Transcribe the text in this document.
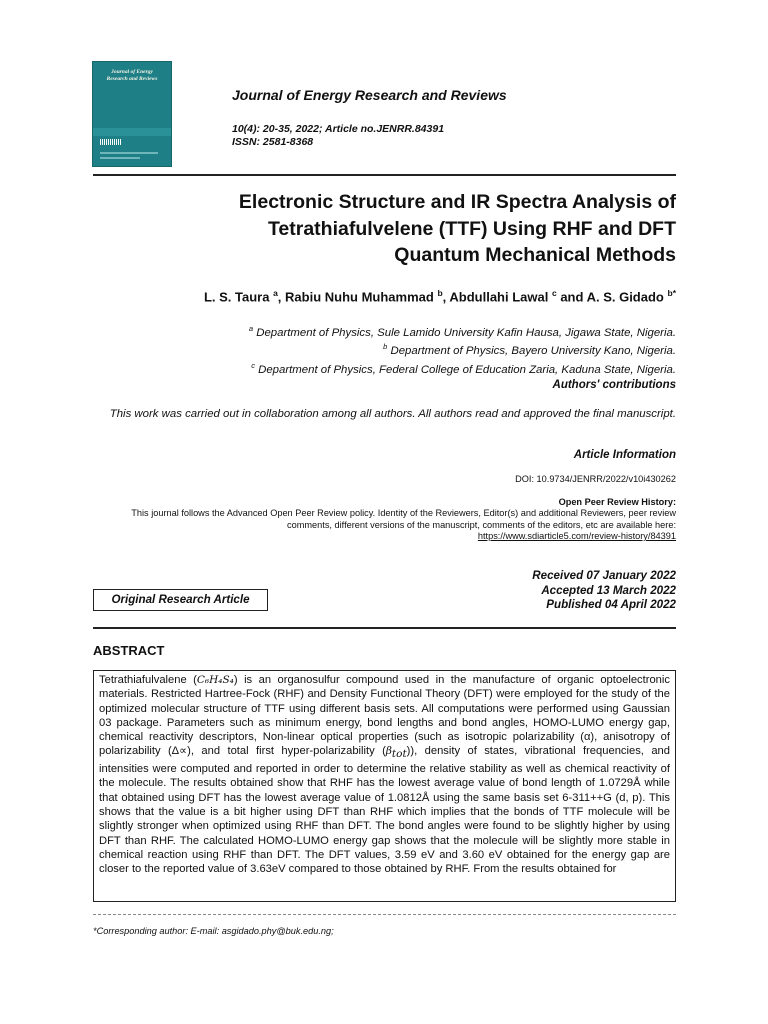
Journal of Energy
Research and Reviews
Journal of Energy Research and Reviews
10(4): 20-35, 2022; Article no.JENRR.84391
ISSN: 2581-8368
Electronic Structure and IR Spectra Analysis of
Tetrathiafulvelene (TTF) Using RHF and DFT
Quantum Mechanical Methods
L. S. Taura $^a$, Rabiu Nuhu Muhammad $^b$, Abdullahi Lawal $^c$ and A. S. Gidado $^{b*}$
$^a$ Department of Physics, Sule Lamido University Kafin Hausa, Jigawa State, Nigeria.
$^b$ Department of Physics, Bayero University Kano, Nigeria.
$^c$ Department of Physics, Federal College of Education Zaria, Kaduna State, Nigeria.
Authors' contributions
This work was carried out in collaboration among all authors. All authors read and approved the final manuscript.
Article Information
DOI: 10.9734/JENRR/2022/v10i430262
Open Peer Review History:
This journal follows the Advanced Open Peer Review policy. Identity of the Reviewers, Editor(s) and additional Reviewers, peer review comments, different versions of the manuscript, comments of the editors, etc are available here:
https://www.sdiarticle5.com/review-history/84391
Received 07 January 2022
Accepted 13 March 2022
Published 04 April 2022
Original Research Article
ABSTRACT

Tetrathiafulvalene (C₆H₄S₄) is an organosulfur compound used in the manufacture of organic optoelectronic materials. Restricted Hartree-Fock (RHF) and Density Functional Theory (DFT) were employed for the study of the optimized molecular structure of TTF using different basis sets. All computations were performed using Gaussian 03 package. Parameters such as minimum energy, bond lengths and bond angles, HOMO-LUMO energy gap, chemical reactivity descriptors, Non-linear optical properties (such as isotropic polarizability (α), anisotropy of polarizability (Δ∝), and total first hyper-polarizability $(\beta_{tot})$), density of states, vibrational frequencies, and intensities were computed and reported in order to determine the relative stability as well as chemical reactivity of the molecule. The results obtained show that RHF has the lowest average value of bond length of 1.0729Å while that obtained using DFT has the lowest average value of 1.0812Å using the same basis set 6-311++G (d, p). This shows that the value is a bit higher using DFT than RHF which implies that the bonds of TTF molecule will be slightly stronger when optimized using RHF than DFT. The bond angles were found to be slightly higher by using DFT than RHF. The calculated HOMO-LUMO energy gap shows that the molecule will be slightly more stable in chemical reaction using RHF than DFT. The DFT values, 3.59 eV and 3.60 eV obtained for the energy gap are closer to the reported value of 3.63eV compared to those obtained by RHF. From the results obtained for

*Corresponding author: E-mail: asgidado.phy@buk.edu.ng;
